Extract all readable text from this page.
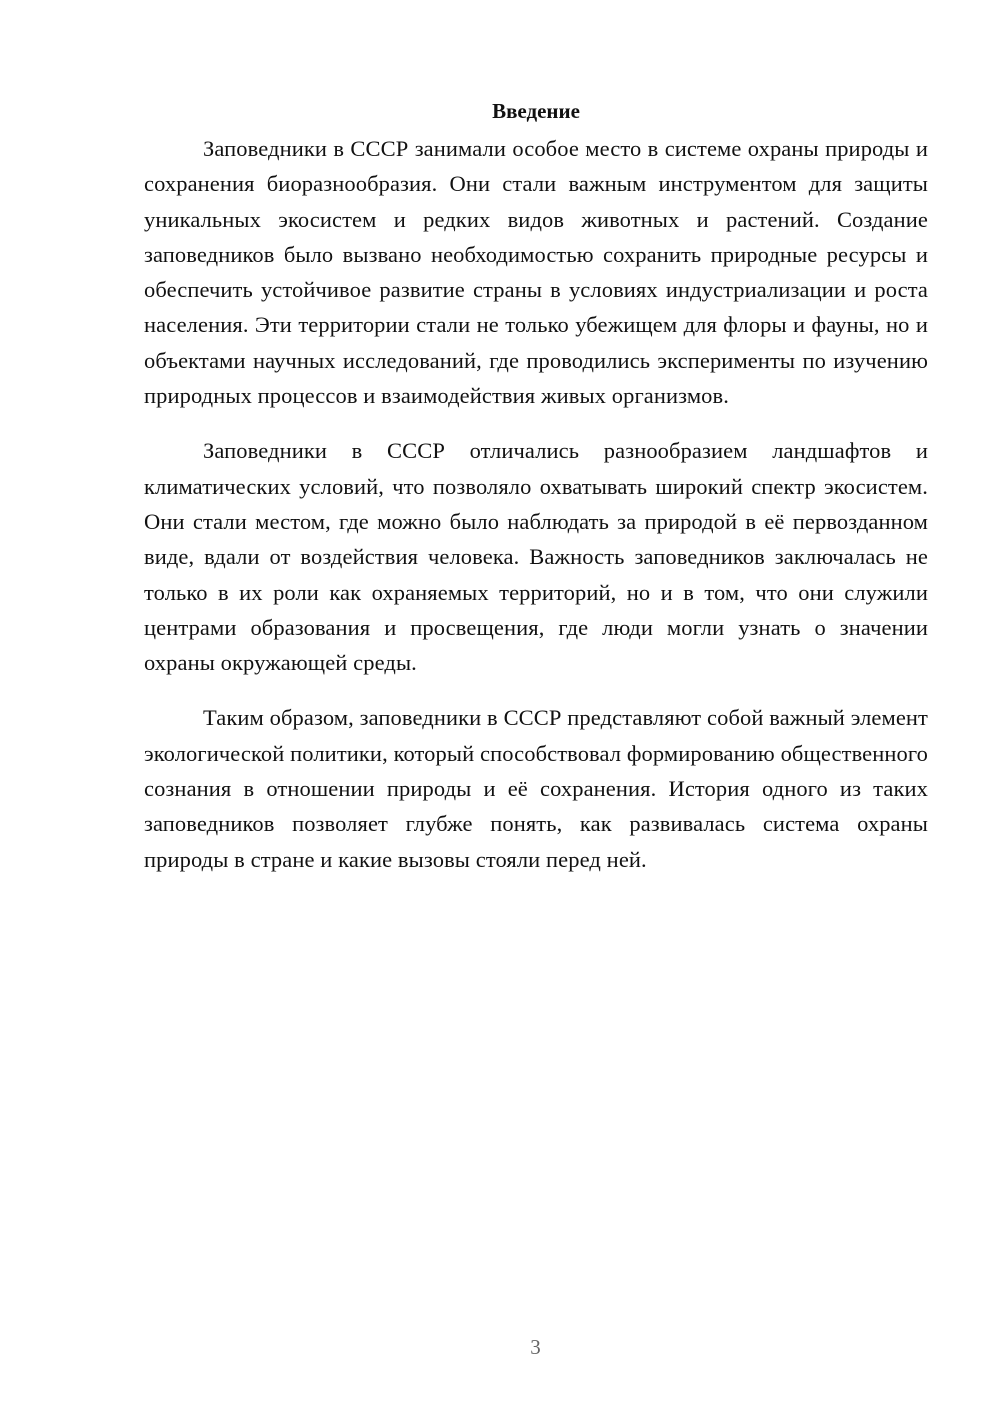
Введение

Заповедники в СССР занимали особое место в системе охраны природы и сохранения биоразнообразия. Они стали важным инструментом для защиты уникальных экосистем и редких видов животных и растений. Создание заповедников было вызвано необходимостью сохранить природные ресурсы и обеспечить устойчивое развитие страны в условиях индустриализации и роста населения. Эти территории стали не только убежищем для флоры и фауны, но и объектами научных исследований, где проводились эксперименты по изучению природных процессов и взаимодействия живых организмов.

Заповедники в СССР отличались разнообразием ландшафтов и климатических условий, что позволяло охватывать широкий спектр экосистем. Они стали местом, где можно было наблюдать за природой в её первозданном виде, вдали от воздействия человека. Важность заповедников заключалась не только в их роли как охраняемых территорий, но и в том, что они служили центрами образования и просвещения, где люди могли узнать о значении охраны окружающей среды.

Таким образом, заповедники в СССР представляют собой важный элемент экологической политики, который способствовал формированию общественного сознания в отношении природы и её сохранения. История одного из таких заповедников позволяет глубже понять, как развивалась система охраны природы в стране и какие вызовы стояли перед ней.

3
